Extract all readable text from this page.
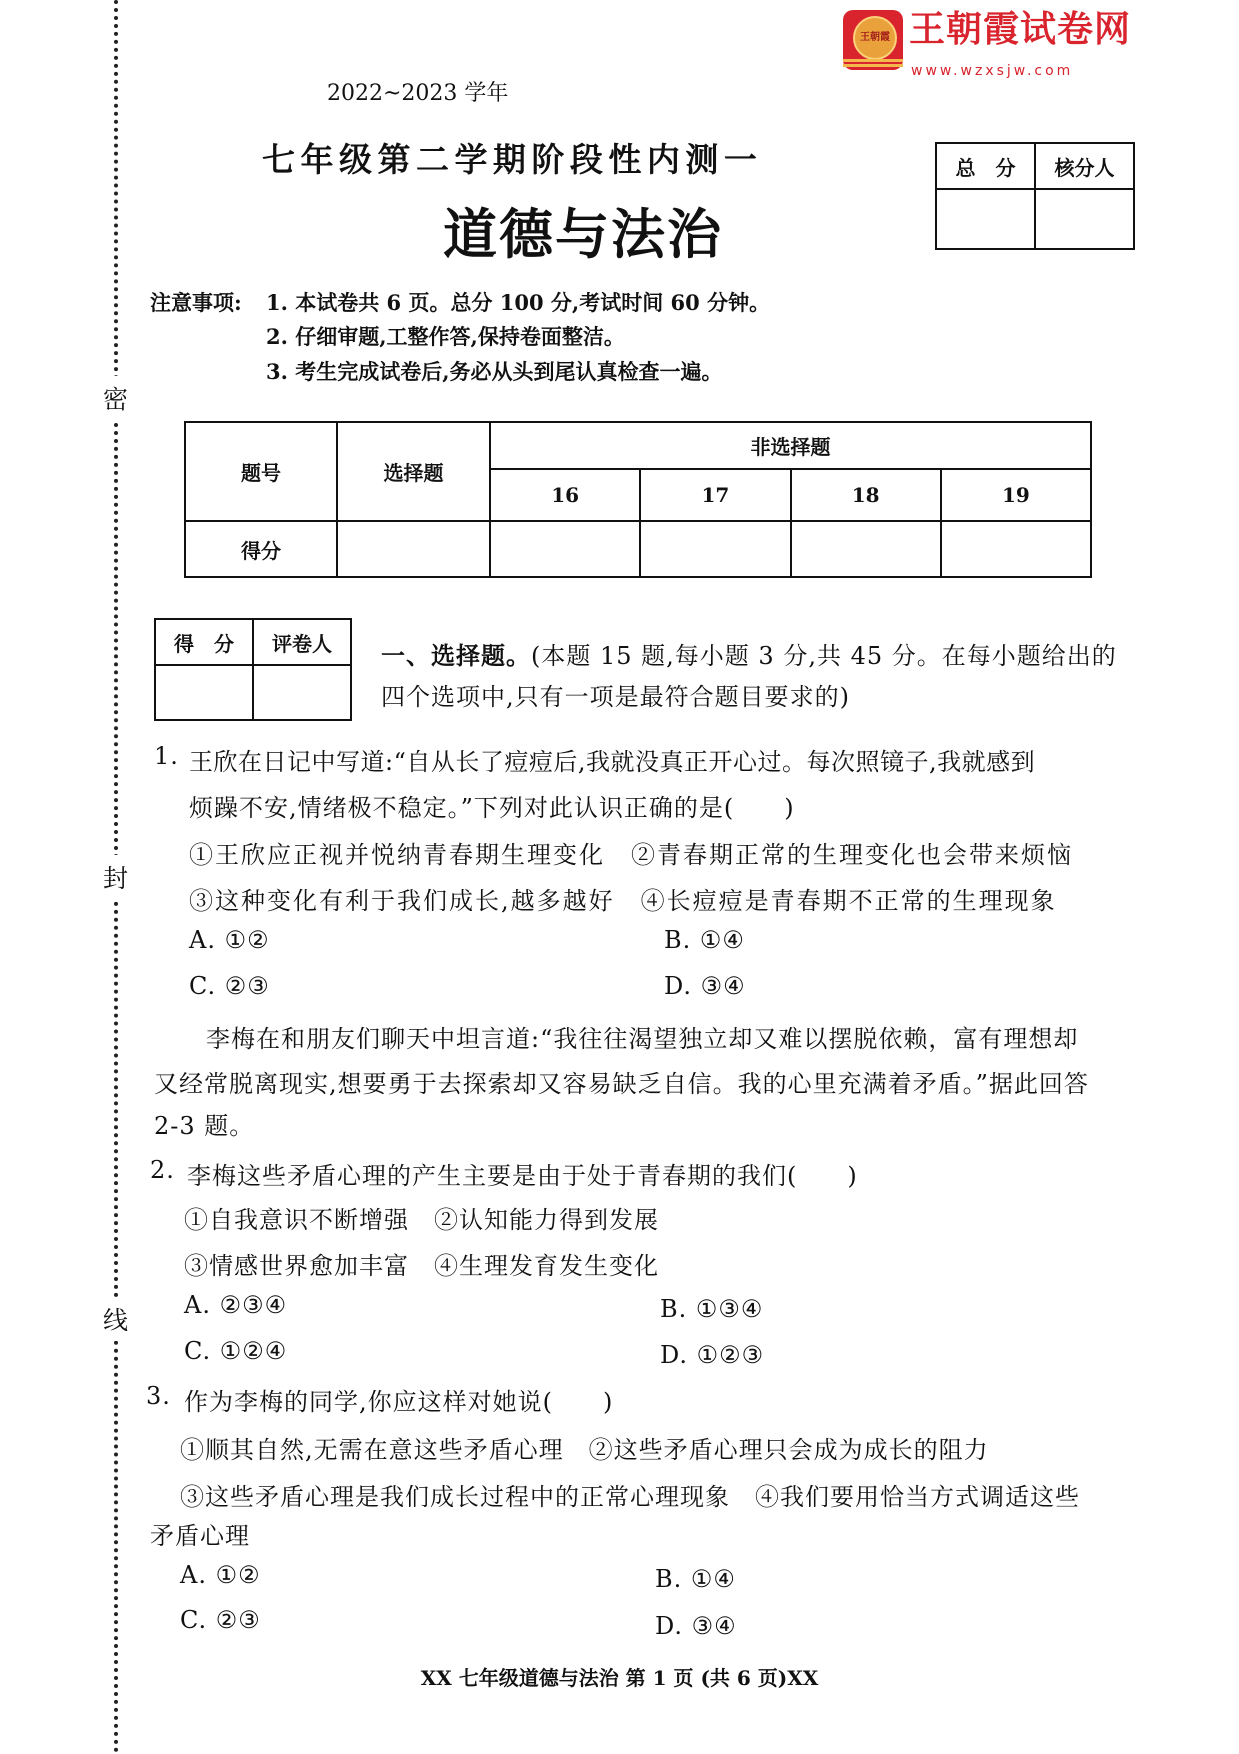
密
封
线
王朝霞 王朝霞试卷网
www.wzxsjw.com
2022~2023 学年
七 年 级 第 二 学 期 阶 段 性 内 测 一
道德与法治
总　分	核分人

注意事项: 1. 本试卷共 6 页。总分 100 分,考试时间 60 分钟。
2. 仔细审题,工整作答,保持卷面整洁。
3. 考生完成试卷后,务必从头到尾认真检查一遍。
题号	选择题	非选择题			
		16	17	18	19
得分					
得　分	评卷人
	一、选择题。(本题 15 题,每小题 3 分,共 45 分。在每小题给出的
四个选项中,只有一项是最符合题目要求的)
1. 王欣在日记中写道:“自从长了痘痘后,我就没真正开心过。每次照镜子,我就感到
烦躁不安,情绪极不稳定。”下列对此认识正确的是(　　)
①王欣应正视并悦纳青春期生理变化　②青春期正常的生理变化也会带来烦恼
③这种变化有利于我们成长,越多越好　④长痘痘是青春期不正常的生理现象
A. ①②	B. ①④
C. ②③	D. ③④
李梅在和朋友们聊天中坦言道:“我往往渴望独立却又难以摆脱依赖，富有理想却
又经常脱离现实,想要勇于去探索却又容易缺乏自信。我的心里充满着矛盾。”据此回答
2-3 题。
2. 李梅这些矛盾心理的产生主要是由于处于青春期的我们(　　)
①自我意识不断增强　②认知能力得到发展
③情感世界愈加丰富　④生理发育发生变化
A. ②③④	B. ①③④
C. ①②④	D. ①②③
3. 作为李梅的同学,你应这样对她说(　　)
①顺其自然,无需在意这些矛盾心理　②这些矛盾心理只会成为成长的阻力
③这些矛盾心理是我们成长过程中的正常心理现象　④我们要用恰当方式调适这些
矛盾心理
A. ①②	B. ①④
C. ②③	D. ③④
XX 七年级道德与法治 第 1 页 (共 6 页)XX
